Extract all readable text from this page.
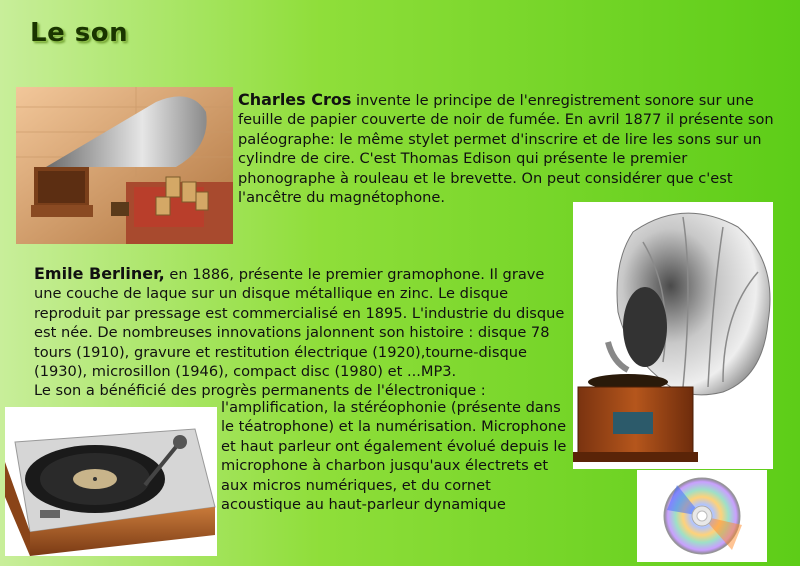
Le son

Charles Cros invente le principe de l'enregistrement sonore sur une feuille de papier couverte de noir de fumée. En avril 1877 il présente son paléographe: le même stylet permet d'inscrire et de lire les sons sur un cylindre de cire. C'est Thomas Edison qui présente le premier phonographe à rouleau et le brevette. On peut considérer que c'est l'ancêtre du magnétophone.

Emile Berliner, en 1886, présente le premier gramophone. Il grave une couche de laque sur un disque métallique en zinc. Le disque reproduit par pressage est commercialisé en 1895. L'industrie du disque est née. De nombreuses innovations jalonnent son histoire : disque 78 tours (1910), gravure et restitution électrique (1920),tourne-disque (1930), microsillon (1946), compact disc (1980) et ...MP3.
Le son a bénéficié des progrès permanents de l'électronique :

l'amplification, la stéréophonie (présente dans le téatrophone) et la numérisation. Microphone et haut parleur ont également évolué depuis le microphone à charbon jusqu'aux électrets et aux micros numériques, et du cornet acoustique au haut-parleur dynamique
